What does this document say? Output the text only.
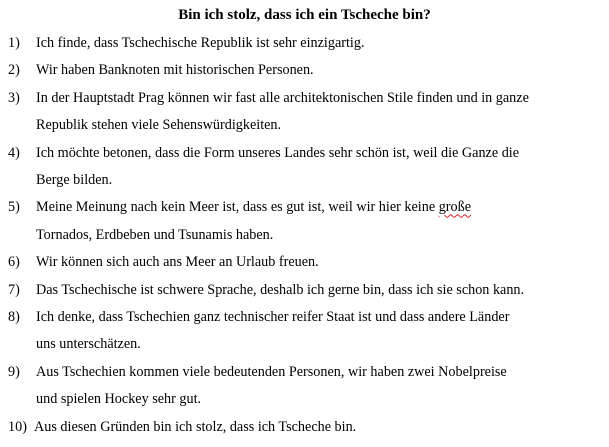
Bin ich stolz, dass ich ein Tscheche bin?
1) Ich finde, dass Tschechische Republik ist sehr einzigartig.
2) Wir haben Banknoten mit historischen Personen.
3) In der Hauptstadt Prag können wir fast alle architektonischen Stile finden und in ganze
Republik stehen viele Sehenswürdigkeiten.
4) Ich möchte betonen, dass die Form unseres Landes sehr schön ist, weil die Ganze die
Berge bilden.
5) Meine Meinung nach kein Meer ist, dass es gut ist, weil wir hier keine große
Tornados, Erdbeben und Tsunamis haben.
6) Wir können sich auch ans Meer an Urlaub freuen.
7) Das Tschechische ist schwere Sprache, deshalb ich gerne bin, dass ich sie schon kann.
8) Ich denke, dass Tschechien ganz technischer reifer Staat ist und dass andere Länder
uns unterschätzen.
9) Aus Tschechien kommen viele bedeutenden Personen, wir haben zwei Nobelpreise
und spielen Hockey sehr gut.
10) Aus diesen Gründen bin ich stolz, dass ich Tscheche bin.
